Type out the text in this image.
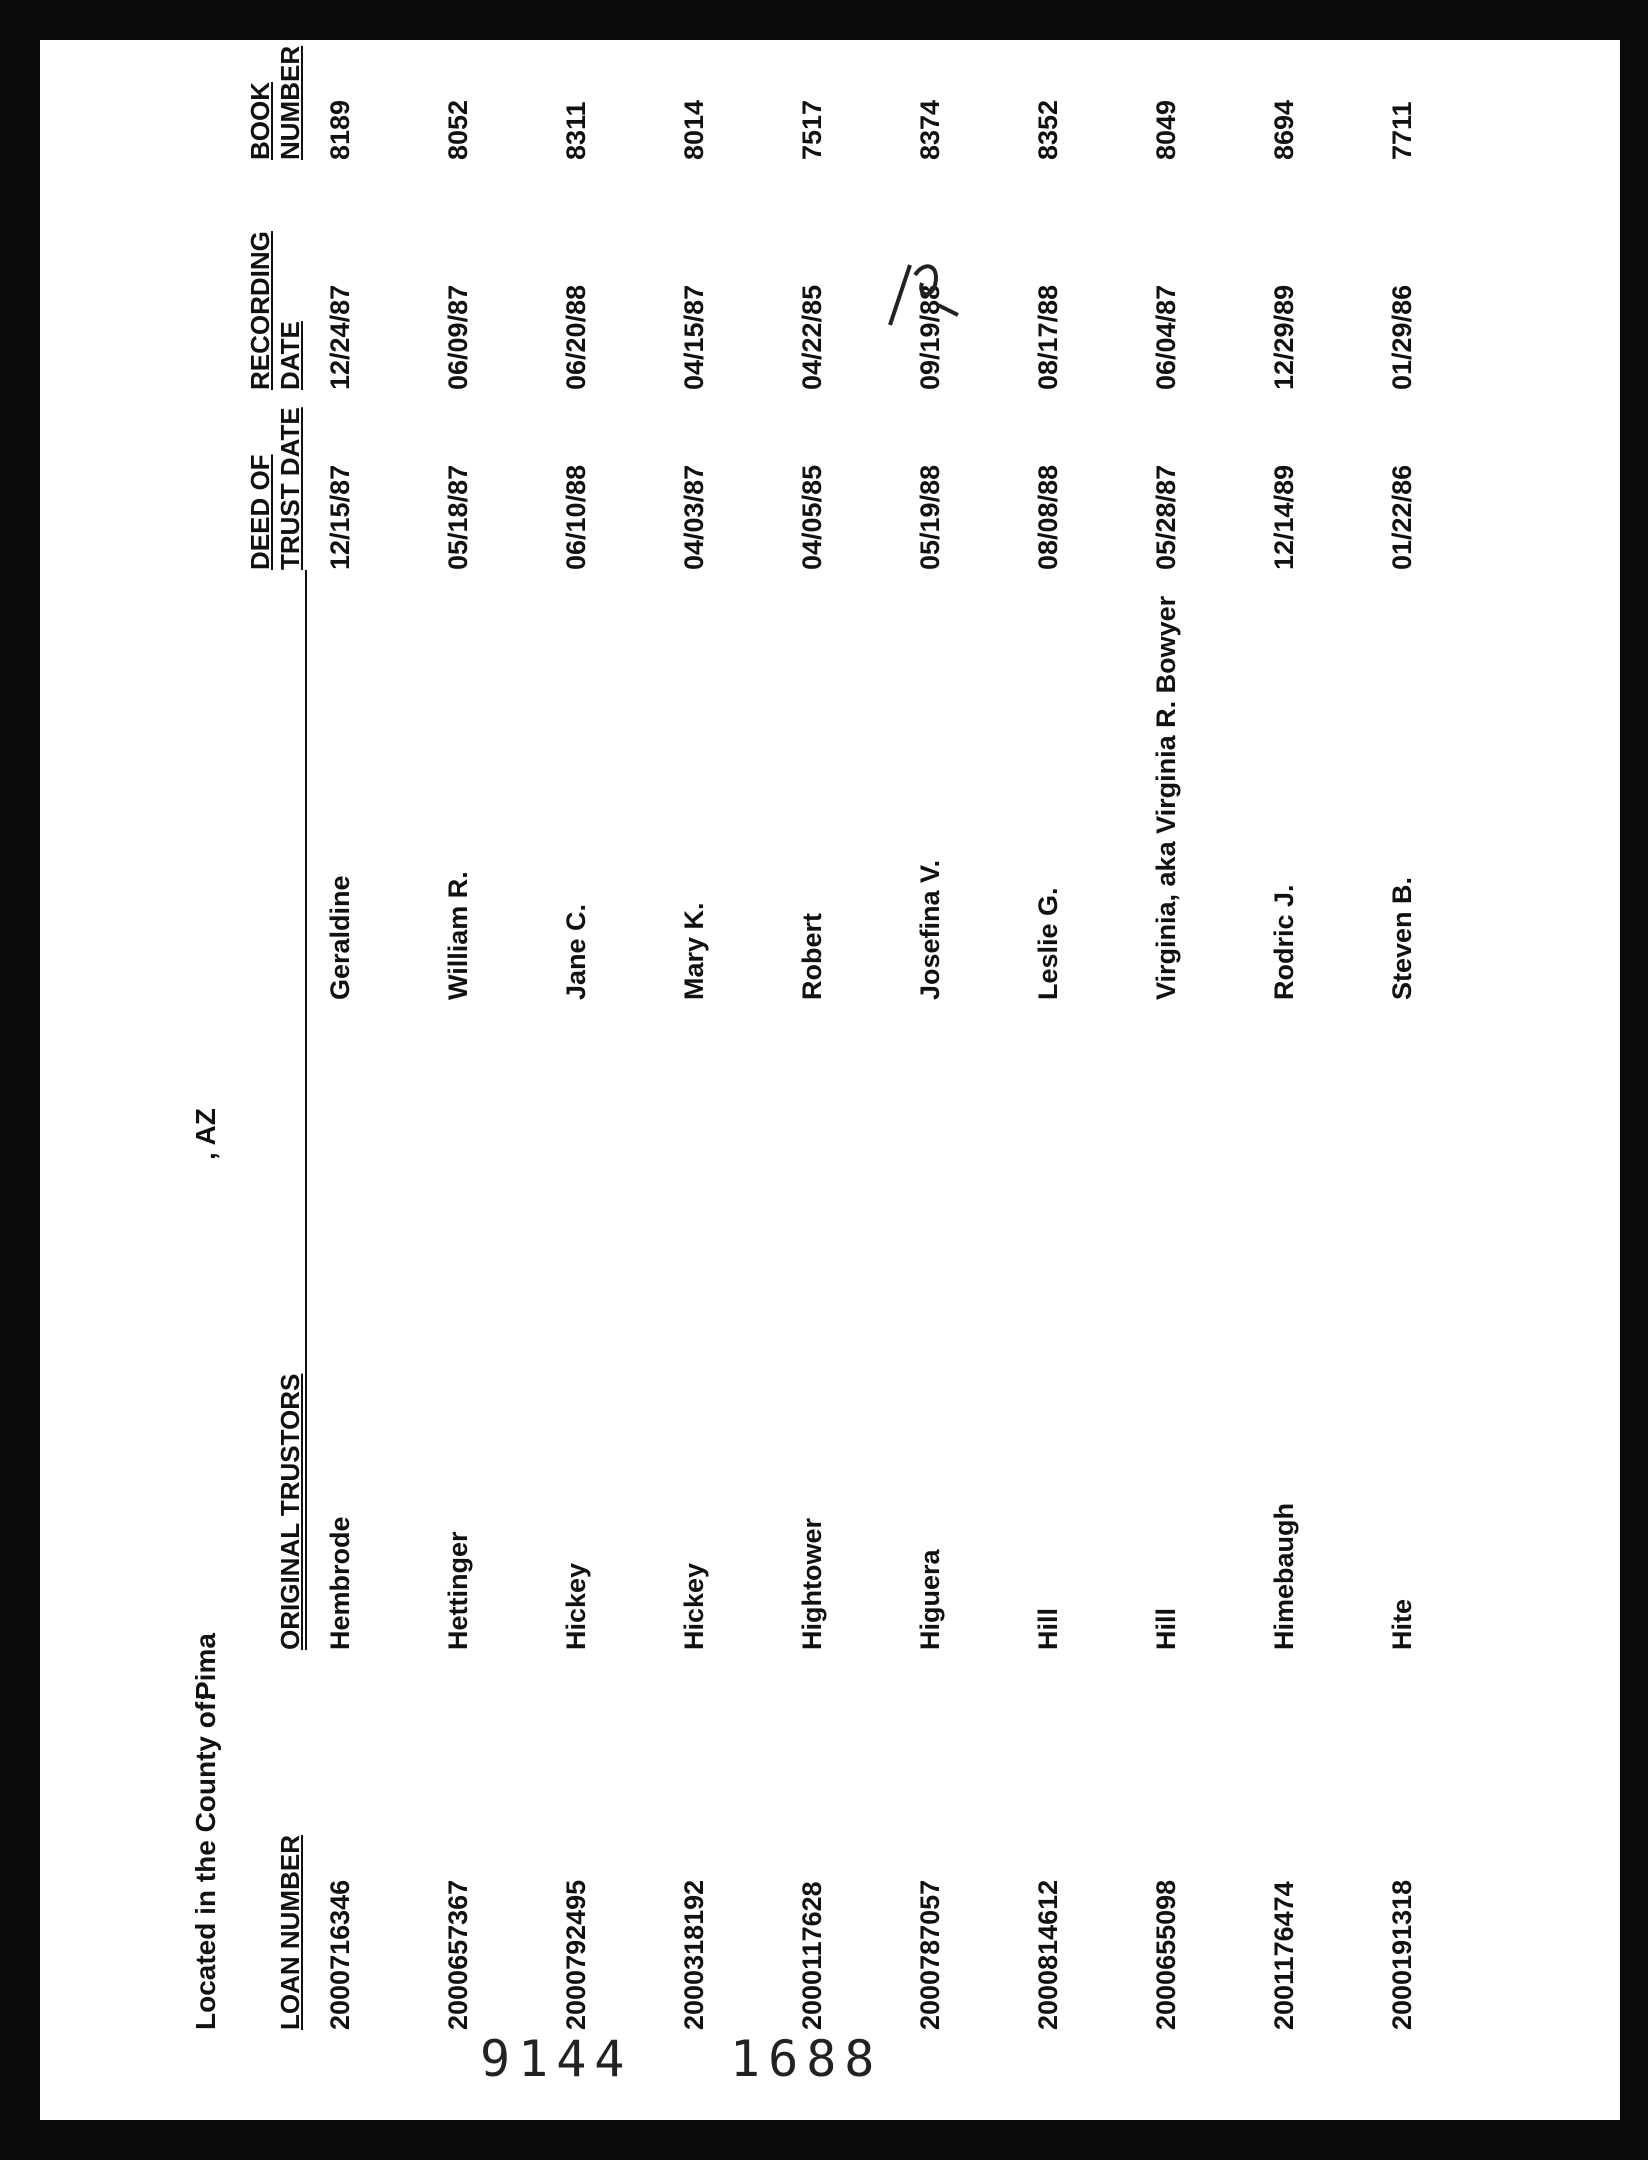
Located in the County of:Pima, AZ
LOAN NUMBER
ORIGINAL TRUSTORS
DEED OF TRUST DATE
RECORDING DATE
BOOK NUMBER
2000716346
Hembrode
Geraldine
12/15/87
12/24/87
8189
2000657367
Hettinger
William R.
05/18/87
06/09/87
8052
2000792495
Hickey
Jane C.
06/10/88
06/20/88
8311
2000318192
Hickey
Mary K.
04/03/87
04/15/87
8014
2000117628
Hightower
Robert
04/05/85
04/22/85
7517
2000787057
Higuera
Josefina V.
05/19/88
09/19/88
8374
2000814612
Hill
Leslie G.
08/08/88
08/17/88
8352
2000655098
Hill
Virginia, aka Virginia R. Bowyer
05/28/87
06/04/87
8049
2001176474
Himebaugh
Rodric J.
12/14/89
12/29/89
8694
2000191318
Hite
Steven B.
01/22/86
01/29/86
7711
9144 1688
